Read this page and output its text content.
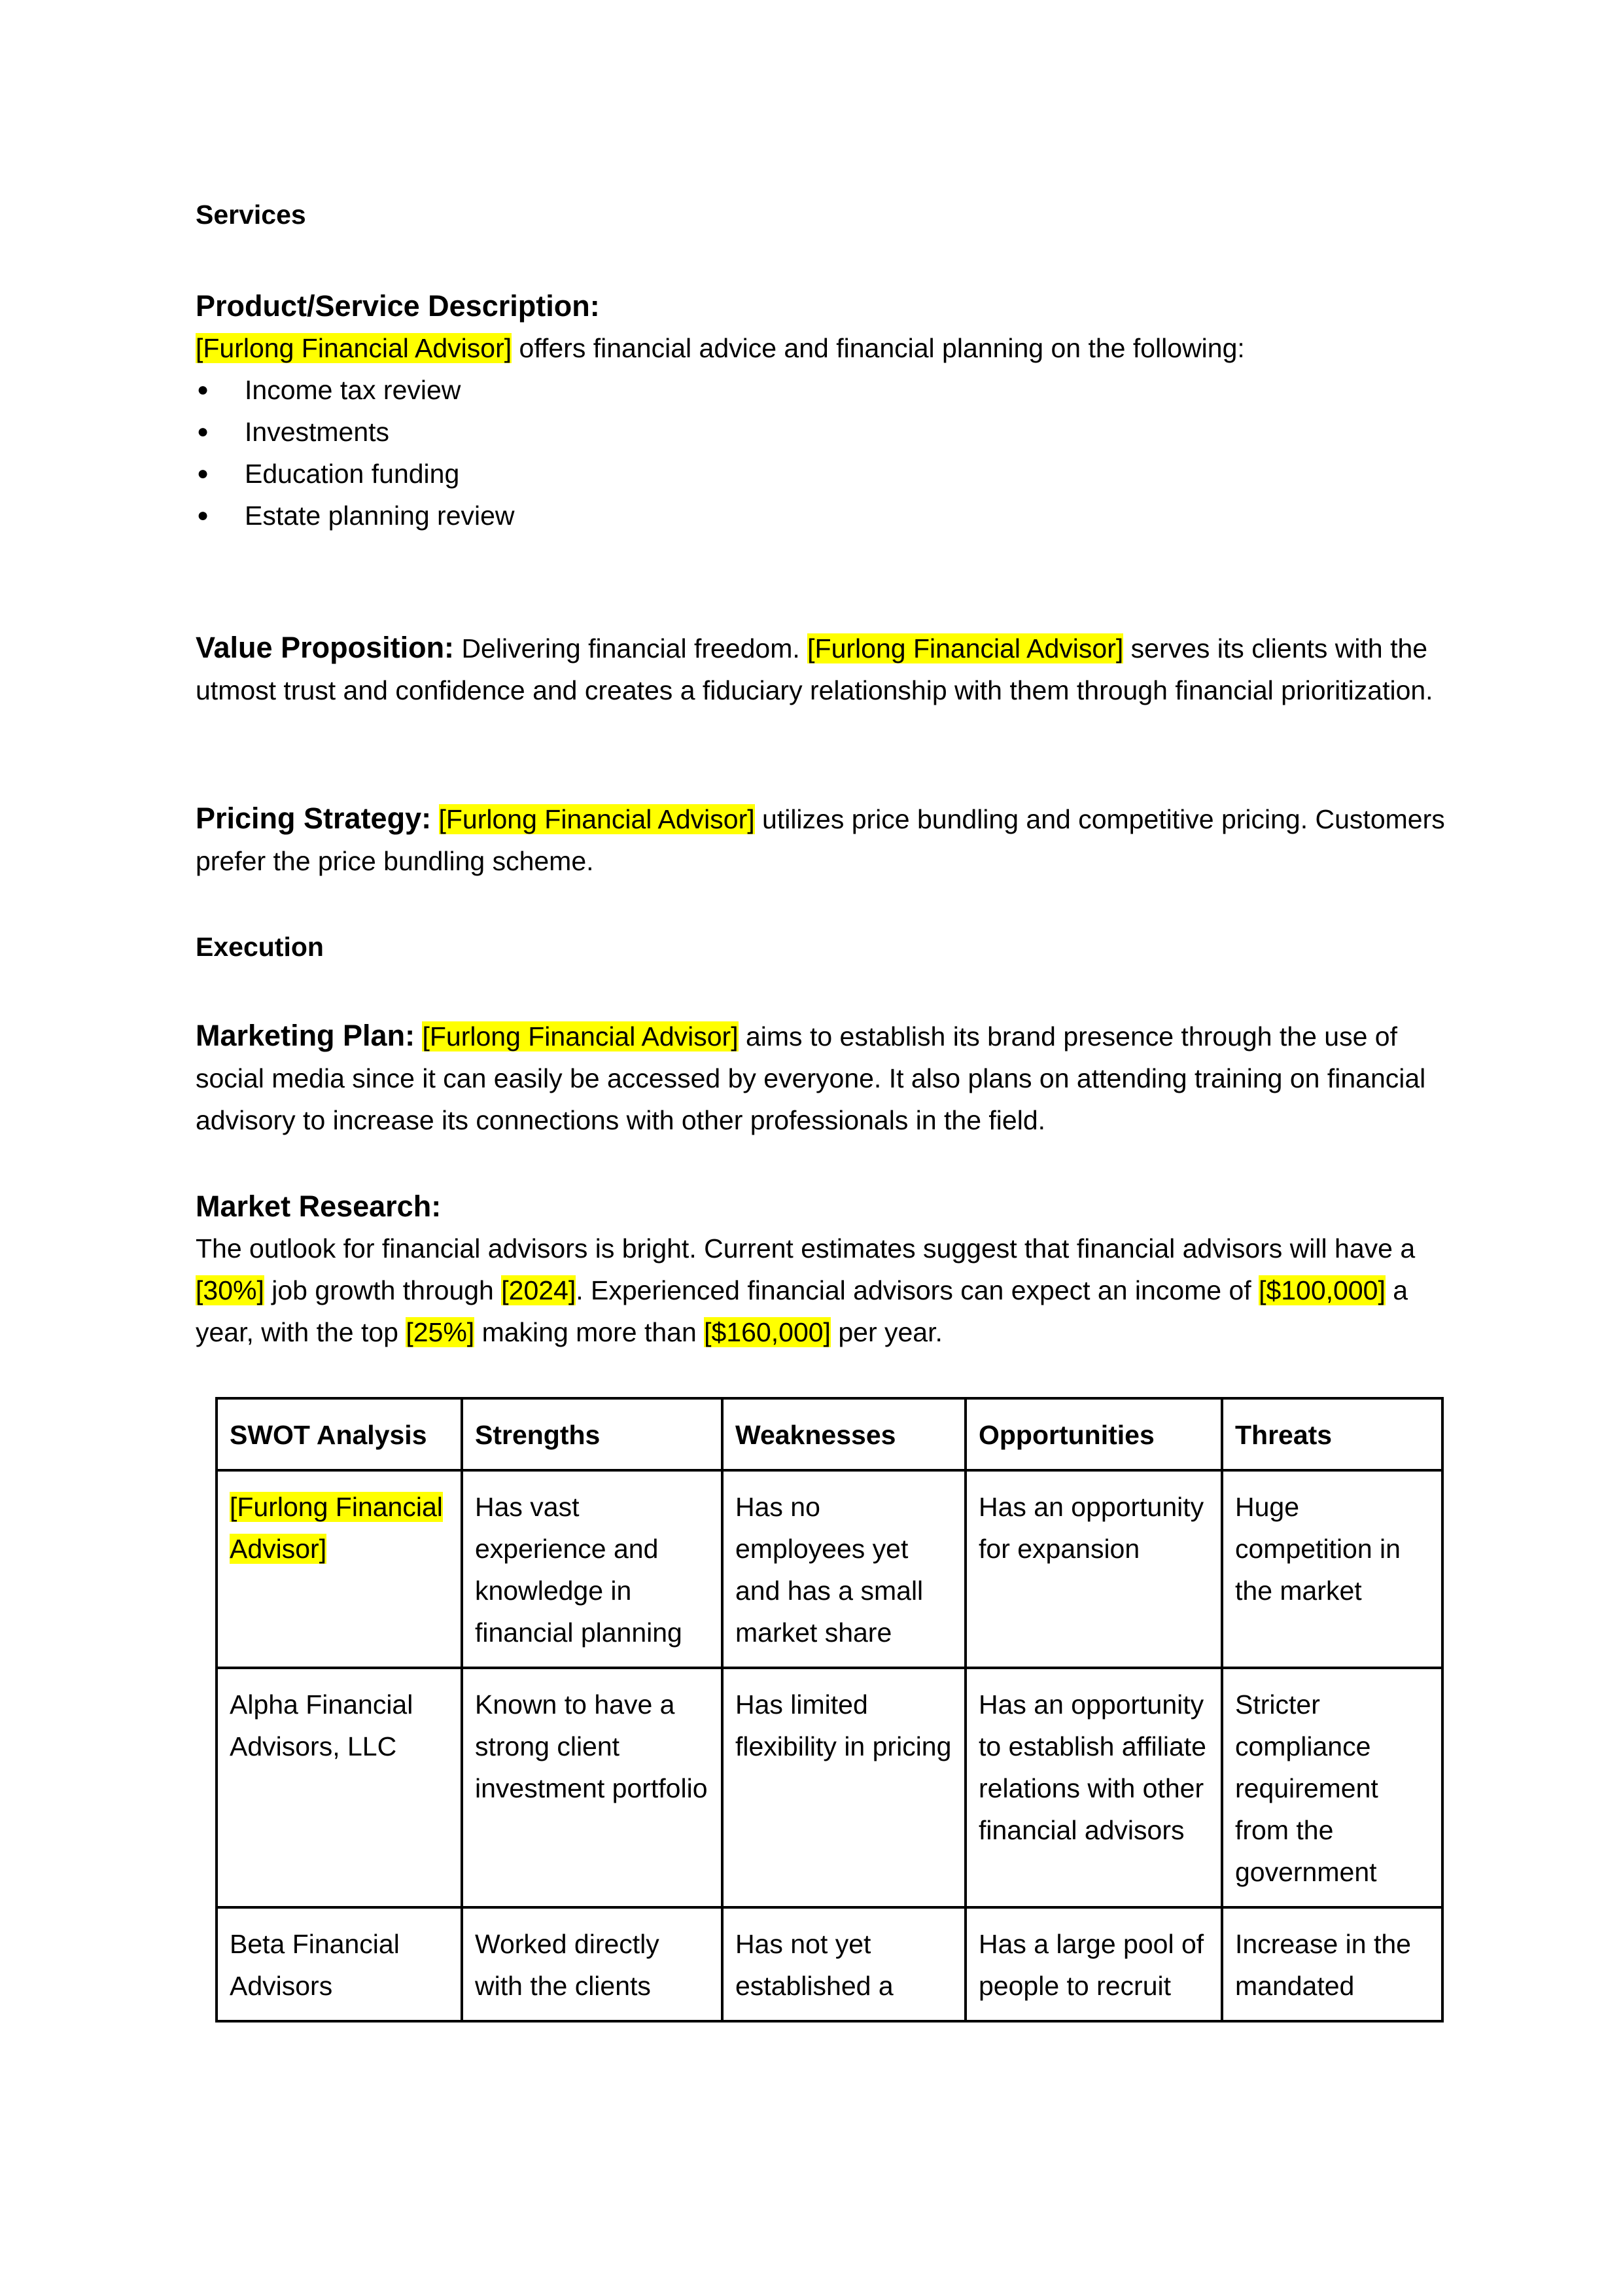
Services

Product/Service Description:
[Furlong Financial Advisor] offers financial advice and financial planning on the following:
● Income tax review
● Investments
● Education funding
● Estate planning review

Value Proposition: Delivering financial freedom. [Furlong Financial Advisor] serves its clients with the utmost trust and confidence and creates a fiduciary relationship with them through financial prioritization.

Pricing Strategy: [Furlong Financial Advisor] utilizes price bundling and competitive pricing. Customers prefer the price bundling scheme.

Execution

Marketing Plan: [Furlong Financial Advisor] aims to establish its brand presence through the use of social media since it can easily be accessed by everyone. It also plans on attending training on financial advisory to increase its connections with other professionals in the field.

Market Research:
The outlook for financial advisors is bright. Current estimates suggest that financial advisors will have a [30%] job growth through [2024]. Experienced financial advisors can expect an income of [$100,000] a year, with the top [25%] making more than [$160,000] per year.
SWOT Analysis	Strengths	Weaknesses	Opportunities	Threats
[Furlong Financial Advisor]	Has vast experience and knowledge in financial planning	Has no employees yet and has a small market share	Has an opportunity for expansion	Huge competition in the market
Alpha Financial Advisors, LLC	Known to have a strong client investment portfolio	Has limited flexibility in pricing	Has an opportunity to establish affiliate relations with other financial advisors	Stricter compliance requirement from the government
Beta Financial Advisors	Worked directly with the clients	Has not yet established a	Has a large pool of people to recruit	Increase in the mandated
